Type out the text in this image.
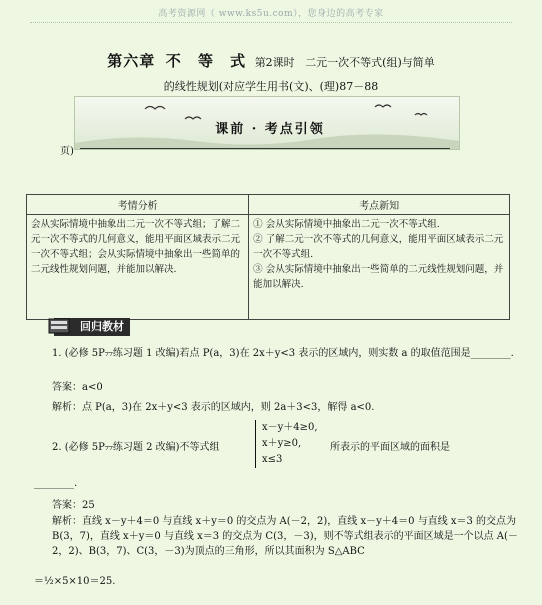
高考资源网（ www.ks5u.com），您身边的高考专家
第六章 不 等 式 第2课时 二元一次不等式(组)与简单
的线性规划(对应学生用书(文)、(理)87－88
课前 · 考点引领
页)
考情分析	考点新知
会从实际情境中抽象出二元一次不等式组；了解二元一次不等式的几何意义，能用平面区域表示二元一次不等式组；会从实际情境中抽象出一些简单的二元线性规划问题，并能加以解决.	① 会从实际情境中抽象出二元一次不等式组.
② 了解二元一次不等式的几何意义，能用平面区域表示二元一次不等式组.
③ 会从实际情境中抽象出一些简单的二元线性规划问题，并能加以解决.
回归教材
1. (必修 5P₇₇练习题 1 改编)若点 P(a，3)在 2x＋y<3 表示的区域内，则实数 a 的取值范围是________.
答案：a<0
解析：点 P(a，3)在 2x＋y<3 表示的区域内，则 2a＋3<3，解得 a<0.
2. (必修 5P₇₇练习题 2 改编)不等式组
x－y＋4≥0,
x＋y≥0,
x≤3
所表示的平面区域的面积是
________.
答案：25
解析：直线 x－y＋4＝0 与直线 x＋y＝0 的交点为 A(－2，2)，直线 x－y＋4＝0 与直线 x＝3 的交点为 B(3，7)，直线 x＋y＝0 与直线 x＝3 的交点为 C(3，－3)，则不等式组表示的平面区域是一个以点 A(－2，2)、B(3，7)、C(3，－3)为顶点的三角形，所以其面积为 S△ABC
＝½×5×10＝25.
